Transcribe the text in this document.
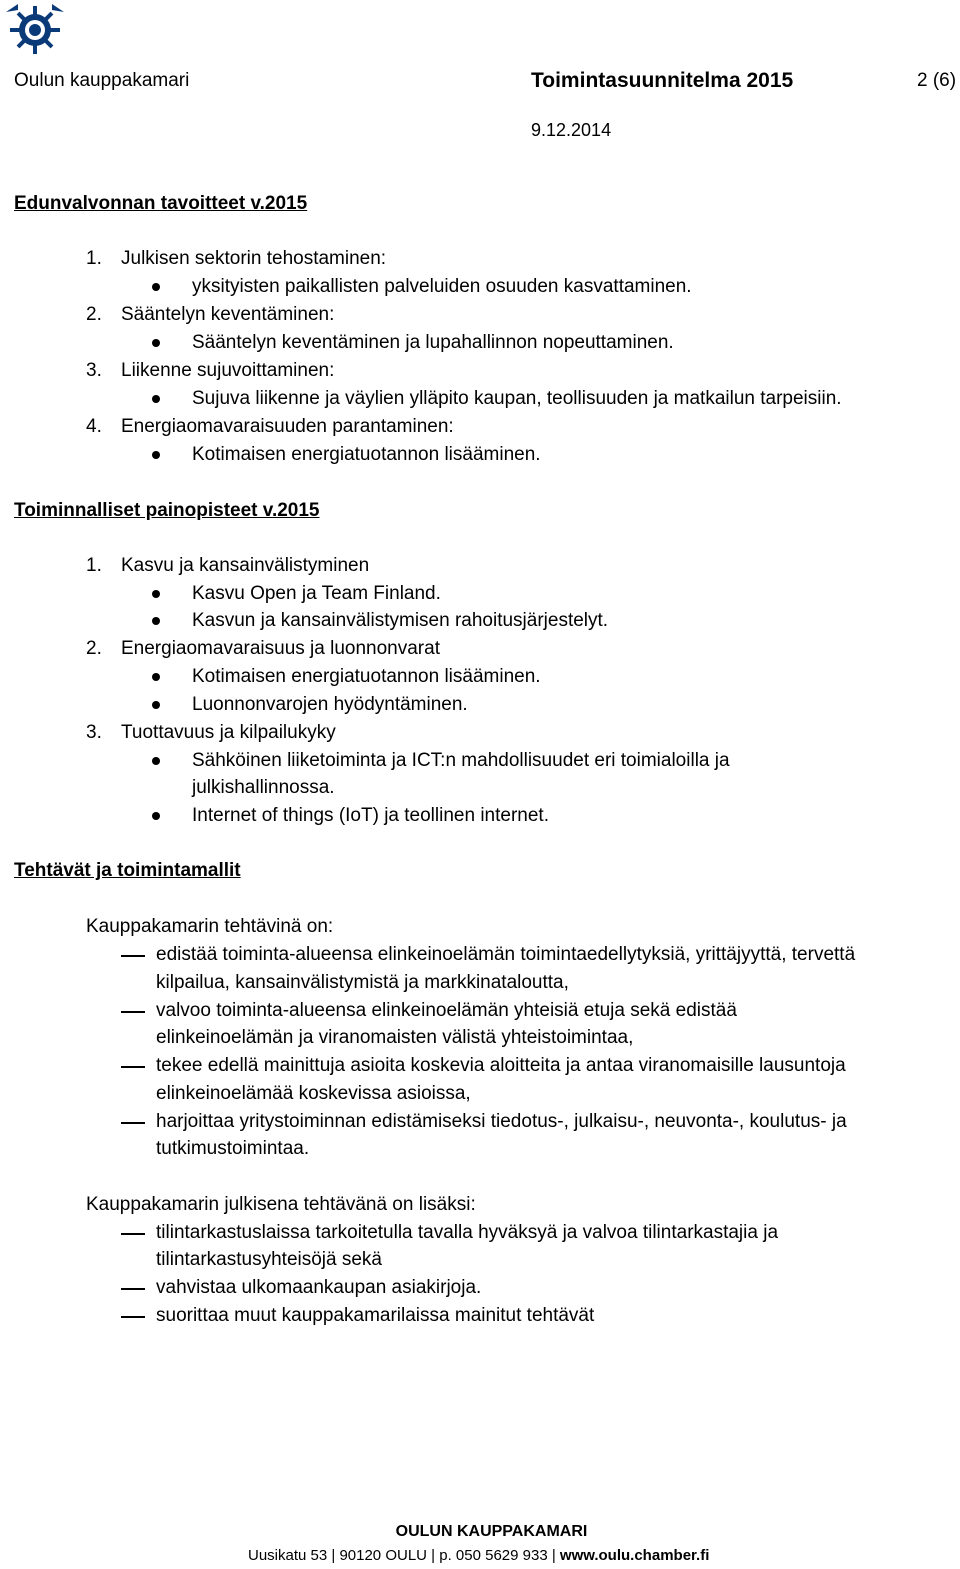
Oulun kauppakamari	Toimintasuunnitelma 2015	2 (6)
9.12.2014
Edunvalvonnan tavoitteet v.2015
1. Julkisen sektorin tehostaminen:
yksityisten paikallisten palveluiden osuuden kasvattaminen.
2. Sääntelyn keventäminen:
Sääntelyn keventäminen ja lupahallinnon nopeuttaminen.
3. Liikenne sujuvoittaminen:
Sujuva liikenne ja väylien ylläpito kaupan, teollisuuden ja matkailun tarpeisiin.
4. Energiaomavaraisuuden parantaminen:
Kotimaisen energiatuotannon lisääminen.
Toiminnalliset painopisteet v.2015
1. Kasvu ja kansainvälistyminen
Kasvu Open ja Team Finland.
Kasvun ja kansainvälistymisen rahoitusjärjestelyt.
2. Energiaomavaraisuus ja luonnonvarat
Kotimaisen energiatuotannon lisääminen.
Luonnonvarojen hyödyntäminen.
3. Tuottavuus ja kilpailukyky
Sähköinen liiketoiminta ja ICT:n mahdollisuudet eri toimialoilla ja
julkishallinnossa.
Internet of things (IoT) ja teollinen internet.
Tehtävät ja toimintamallit
Kauppakamarin tehtävinä on:
edistää toiminta-alueensa elinkeinoelämän toimintaedellytyksiä, yrittäjyyttä, tervettä
kilpailua, kansainvälistymistä ja markkinataloutta,
valvoo toiminta-alueensa elinkeinoelämän yhteisiä etuja sekä edistää
elinkeinoelämän ja viranomaisten välistä yhteistoimintaa,
tekee edellä mainittuja asioita koskevia aloitteita ja antaa viranomaisille lausuntoja
elinkeinoelämää koskevissa asioissa,
harjoittaa yritystoiminnan edistämiseksi tiedotus-, julkaisu-, neuvonta-, koulutus- ja
tutkimustoimintaa.
Kauppakamarin julkisena tehtävänä on lisäksi:
tilintarkastuslaissa tarkoitetulla tavalla hyväksyä ja valvoa tilintarkastajia ja
tilintarkastusyhteisöjä sekä
vahvistaa ulkomaankaupan asiakirjoja.
suorittaa muut kauppakamarilaissa mainitut tehtävät
OULUN KAUPPAKAMARI
Uusikatu 53 | 90120 OULU | p. 050 5629 933 | www.oulu.chamber.fi
